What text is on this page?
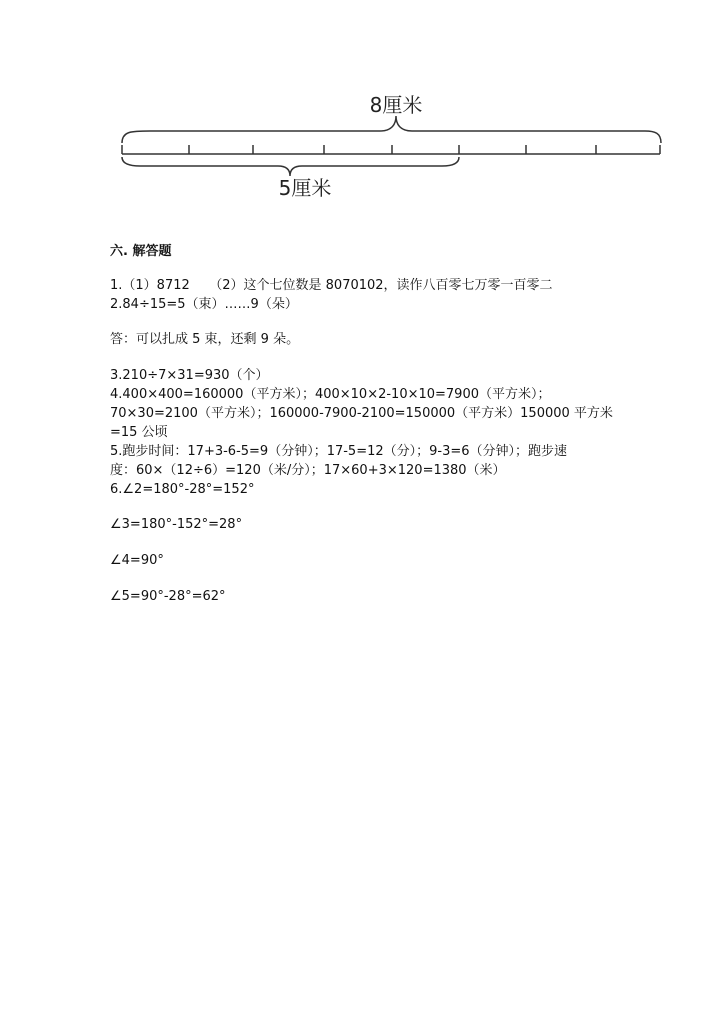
8厘米
5厘米
六. 解答题
1.（1）8712　　（2）这个七位数是 8070102，读作八百零七万零一百零二
2.84÷15=5（束）……9（朵）
答：可以扎成 5 束，还剩 9 朵。
3.210÷7×31=930（个）
4.400×400=160000（平方米）；400×10×2-10×10=7900（平方米）；
70×30=2100（平方米）；160000-7900-2100=150000（平方米）150000 平方米
=15 公顷
5.跑步时间：17+3-6-5=9（分钟）；17-5=12（分）；9-3=6（分钟）；跑步速
度：60×（12÷6）=120（米/分）；17×60+3×120=1380（米）
6.∠2=180°-28°=152°
∠3=180°-152°=28°
∠4=90°
∠5=90°-28°=62°
